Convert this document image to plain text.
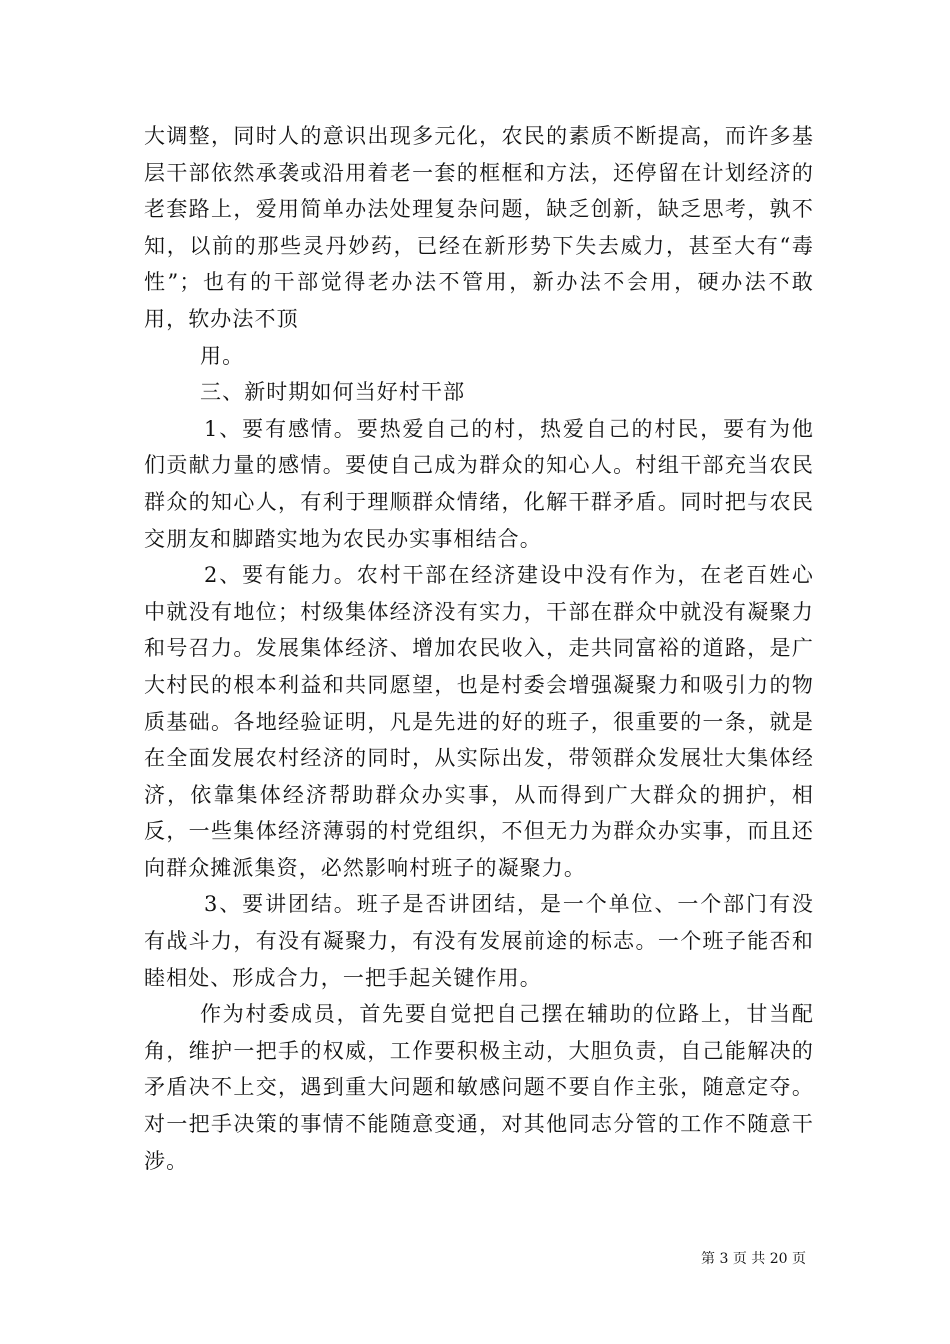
大调整，同时人的意识出现多元化，农民的素质不断提高，而许多基层干部依然承袭或沿用着老一套的框框和方法，还停留在计划经济的老套路上，爱用简单办法处理复杂问题，缺乏创新，缺乏思考，孰不知，以前的那些灵丹妙药，已经在新形势下失去威力，甚至大有“毒性”；也有的干部觉得老办法不管用，新办法不会用，硬办法不敢用，软办法不顶

用。

三、新时期如何当好村干部

1、要有感情。要热爱自己的村，热爱自己的村民，要有为他们贡献力量的感情。要使自己成为群众的知心人。村组干部充当农民群众的知心人，有利于理顺群众情绪，化解干群矛盾。同时把与农民交朋友和脚踏实地为农民办实事相结合。

2、要有能力。农村干部在经济建设中没有作为，在老百姓心中就没有地位；村级集体经济没有实力，干部在群众中就没有凝聚力和号召力。发展集体经济、增加农民收入，走共同富裕的道路，是广大村民的根本利益和共同愿望，也是村委会增强凝聚力和吸引力的物质基础。各地经验证明，凡是先进的好的班子，很重要的一条，就是在全面发展农村经济的同时，从实际出发，带领群众发展壮大集体经济，依靠集体经济帮助群众办实事，从而得到广大群众的拥护，相反，一些集体经济薄弱的村党组织，不但无力为群众办实事，而且还向群众摊派集资，必然影响村班子的凝聚力。

3、要讲团结。班子是否讲团结，是一个单位、一个部门有没有战斗力，有没有凝聚力，有没有发展前途的标志。一个班子能否和睦相处、形成合力，一把手起关键作用。

作为村委成员，首先要自觉把自己摆在辅助的位路上，甘当配角，维护一把手的权威，工作要积极主动，大胆负责，自己能解决的矛盾决不上交，遇到重大问题和敏感问题不要自作主张，随意定夺。对一把手决策的事情不能随意变通，对其他同志分管的工作不随意干涉。

第 3 页 共 20 页
